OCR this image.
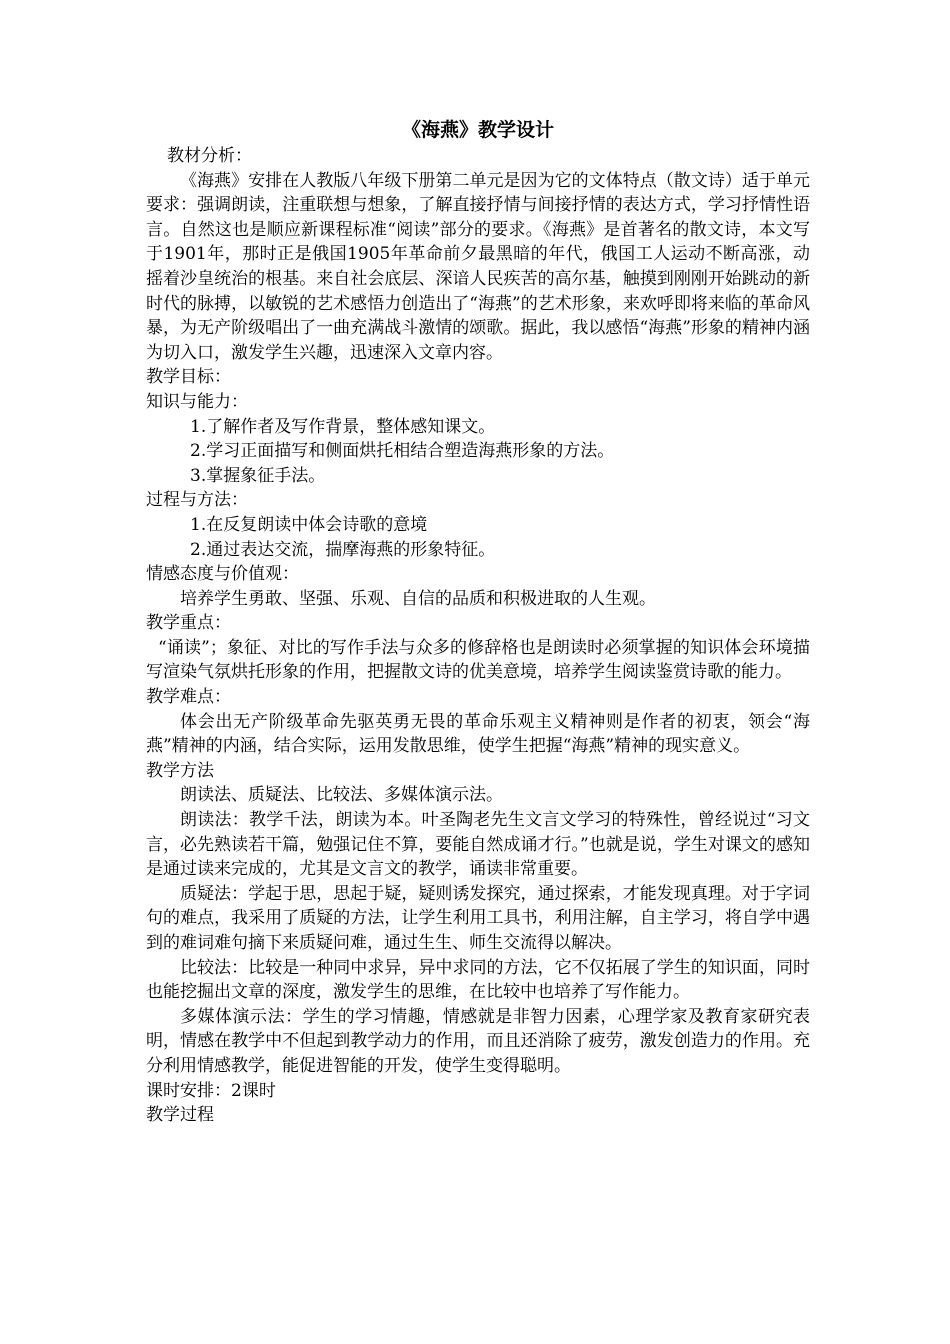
《海燕》教学设计

教材分析：

《海燕》安排在人教版八年级下册第二单元是因为它的文体特点（散文诗）适于单元要求：强调朗读，注重联想与想象，了解直接抒情与间接抒情的表达方式，学习抒情性语言。自然这也是顺应新课程标准“阅读”部分的要求。《海燕》是首著名的散文诗，本文写于1901年，那时正是俄国1905年革命前夕最黑暗的年代，俄国工人运动不断高涨，动摇着沙皇统治的根基。来自社会底层、深谙人民疾苦的高尔基，触摸到刚刚开始跳动的新时代的脉搏，以敏锐的艺术感悟力创造出了“海燕”的艺术形象，来欢呼即将来临的革命风暴，为无产阶级唱出了一曲充满战斗激情的颂歌。据此，我以感悟“海燕”形象的精神内涵为切入口，激发学生兴趣，迅速深入文章内容。

教学目标：

知识与能力：

1.了解作者及写作背景，整体感知课文。

2.学习正面描写和侧面烘托相结合塑造海燕形象的方法。

3.掌握象征手法。

过程与方法：

1.在反复朗读中体会诗歌的意境

2.通过表达交流，揣摩海燕的形象特征。

情感态度与价值观：

培养学生勇敢、坚强、乐观、自信的品质和积极进取的人生观。

教学重点：

“诵读”；象征、对比的写作手法与众多的修辞格也是朗读时必须掌握的知识体会环境描写渲染气氛烘托形象的作用，把握散文诗的优美意境，培养学生阅读鉴赏诗歌的能力。

教学难点：

体会出无产阶级革命先驱英勇无畏的革命乐观主义精神则是作者的初衷，领会“海燕”精神的内涵，结合实际，运用发散思维，使学生把握“海燕”精神的现实意义。

教学方法

朗读法、质疑法、比较法、多媒体演示法。

朗读法：教学千法，朗读为本。叶圣陶老先生文言文学习的特殊性，曾经说过“习文言，必先熟读若干篇，勉强记住不算，要能自然成诵才行。”也就是说，学生对课文的感知是通过读来完成的，尤其是文言文的教学，诵读非常重要。

质疑法：学起于思，思起于疑，疑则诱发探究，通过探索，才能发现真理。对于字词句的难点，我采用了质疑的方法，让学生利用工具书，利用注解，自主学习，将自学中遇到的难词难句摘下来质疑问难，通过生生、师生交流得以解决。

比较法：比较是一种同中求异，异中求同的方法，它不仅拓展了学生的知识面，同时也能挖掘出文章的深度，激发学生的思维，在比较中也培养了写作能力。

多媒体演示法：学生的学习情趣，情感就是非智力因素，心理学家及教育家研究表明，情感在教学中不但起到教学动力的作用，而且还消除了疲劳，激发创造力的作用。充分利用情感教学，能促进智能的开发，使学生变得聪明。

课时安排：2课时

教学过程
